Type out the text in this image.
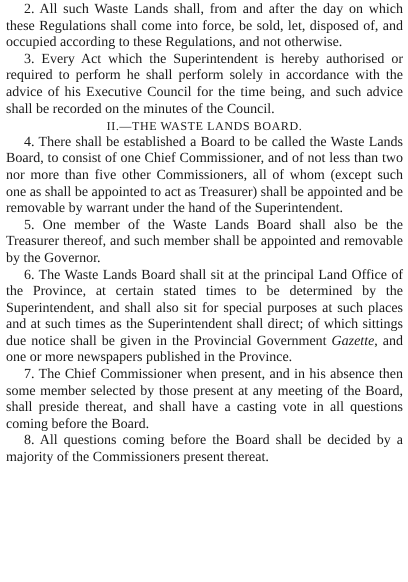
2. All such Waste Lands shall, from and after the day on which these Regulations shall come into force, be sold, let, disposed of, and occupied according to these Regulations, and not otherwise.

3. Every Act which the Superintendent is hereby authorised or required to perform he shall perform solely in accordance with the advice of his Executive Council for the time being, and such advice shall be recorded on the minutes of the Council.

II.—THE WASTE LANDS BOARD.

4. There shall be established a Board to be called the Waste Lands Board, to consist of one Chief Commissioner, and of not less than two nor more than five other Commissioners, all of whom (except such one as shall be appointed to act as Treasurer) shall be appointed and be removable by warrant under the hand of the Superintendent.

5. One member of the Waste Lands Board shall also be the Treasurer thereof, and such member shall be appointed and removable by the Governor.

6. The Waste Lands Board shall sit at the principal Land Office of the Province, at certain stated times to be determined by the Superintendent, and shall also sit for special purposes at such places and at such times as the Superintendent shall direct; of which sittings due notice shall be given in the Provincial Government Gazette, and one or more newspapers published in the Province.

7. The Chief Commissioner when present, and in his absence then some member selected by those present at any meeting of the Board, shall preside thereat, and shall have a casting vote in all questions coming before the Board.

8. All questions coming before the Board shall be decided by a majority of the Commissioners present thereat.
